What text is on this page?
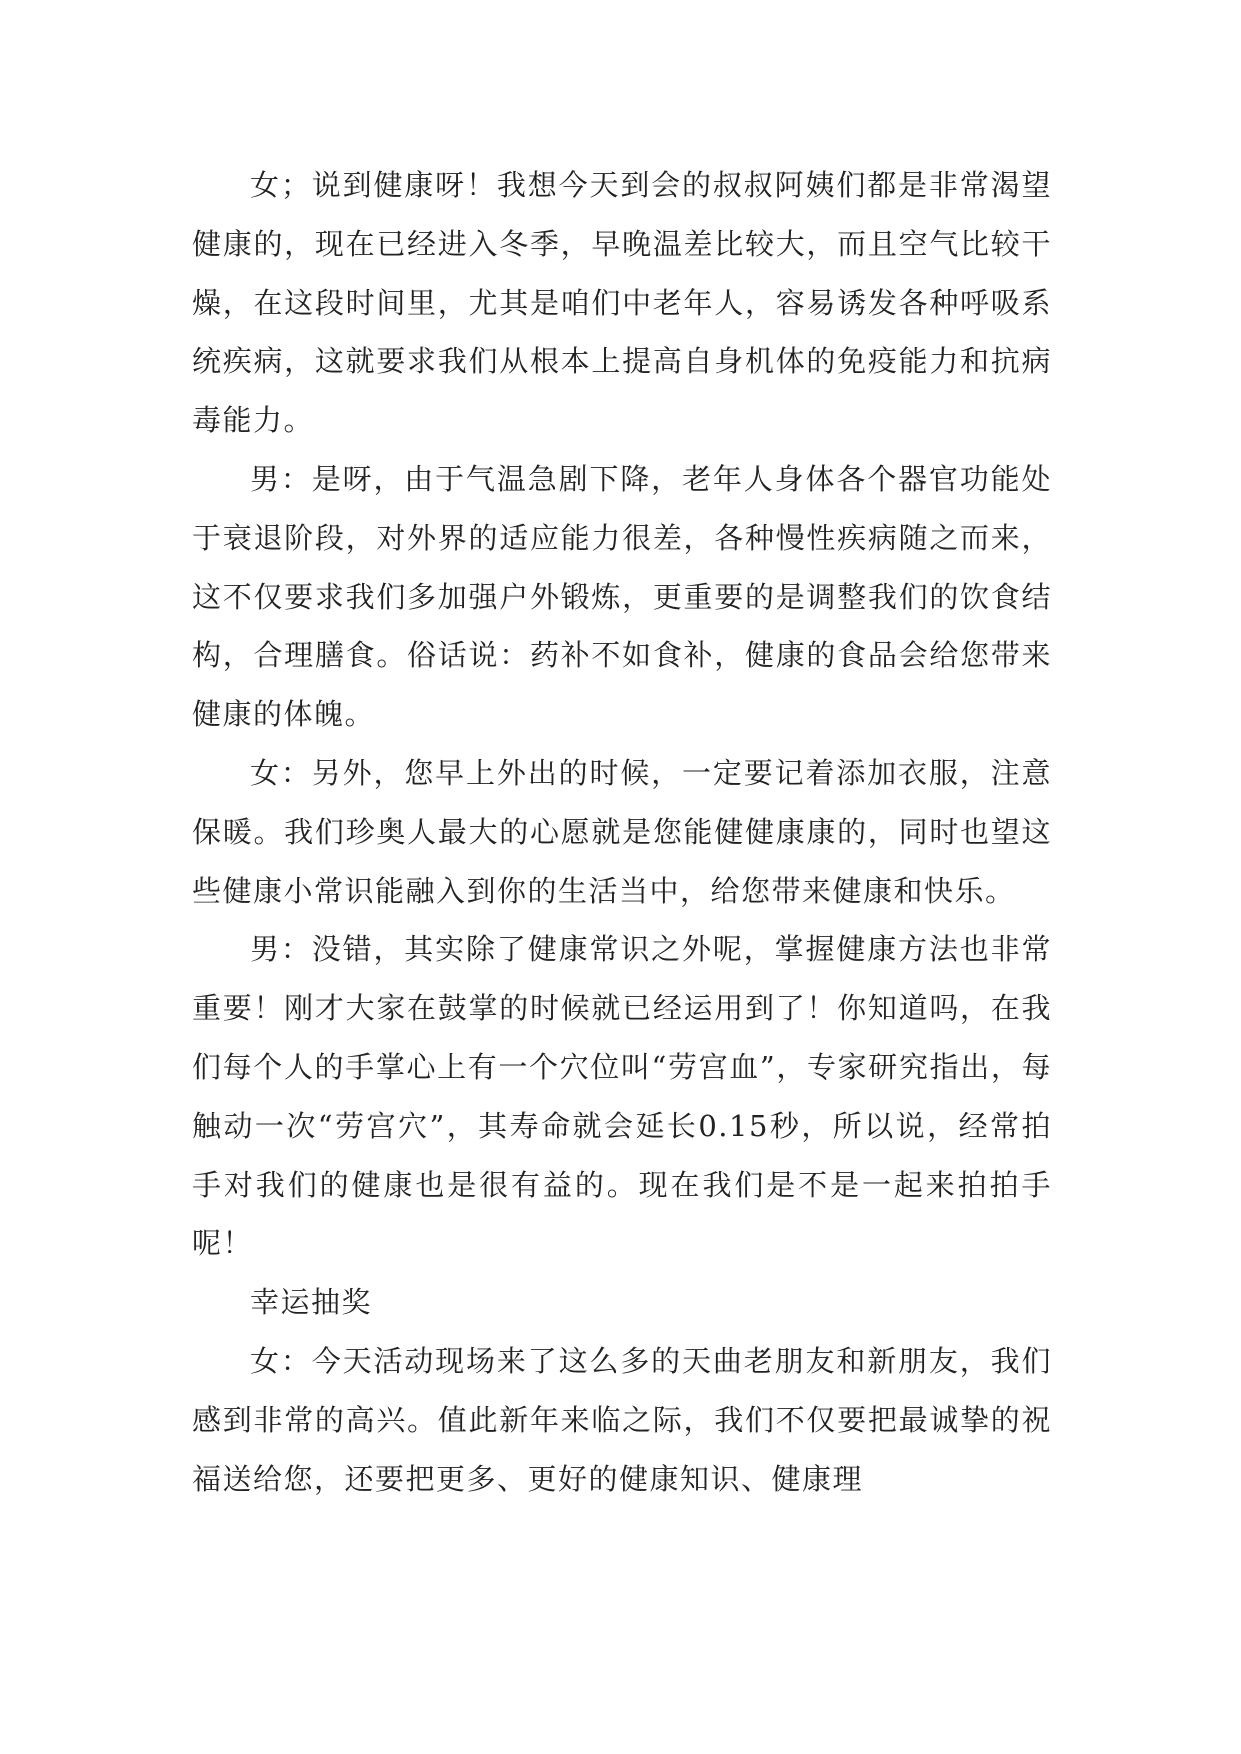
女；说到健康呀！我想今天到会的叔叔阿姨们都是非常渴望健康的，现在已经进入冬季，早晚温差比较大，而且空气比较干燥，在这段时间里，尤其是咱们中老年人，容易诱发各种呼吸系统疾病，这就要求我们从根本上提高自身机体的免疫能力和抗病毒能力。

男：是呀，由于气温急剧下降，老年人身体各个器官功能处于衰退阶段，对外界的适应能力很差，各种慢性疾病随之而来，这不仅要求我们多加强户外锻炼，更重要的是调整我们的饮食结构，合理膳食。俗话说：药补不如食补，健康的食品会给您带来健康的体魄。

女：另外，您早上外出的时候，一定要记着添加衣服，注意保暖。我们珍奥人最大的心愿就是您能健健康康的，同时也望这些健康小常识能融入到你的生活当中，给您带来健康和快乐。

男：没错，其实除了健康常识之外呢，掌握健康方法也非常重要！刚才大家在鼓掌的时候就已经运用到了！你知道吗，在我们每个人的手掌心上有一个穴位叫“劳宫血”，专家研究指出，每触动一次“劳宫穴”，其寿命就会延长0.15秒，所以说，经常拍手对我们的健康也是很有益的。现在我们是不是一起来拍拍手呢！

幸运抽奖

女：今天活动现场来了这么多的天曲老朋友和新朋友，我们感到非常的高兴。值此新年来临之际，我们不仅要把最诚挚的祝福送给您，还要把更多、更好的健康知识、健康理
